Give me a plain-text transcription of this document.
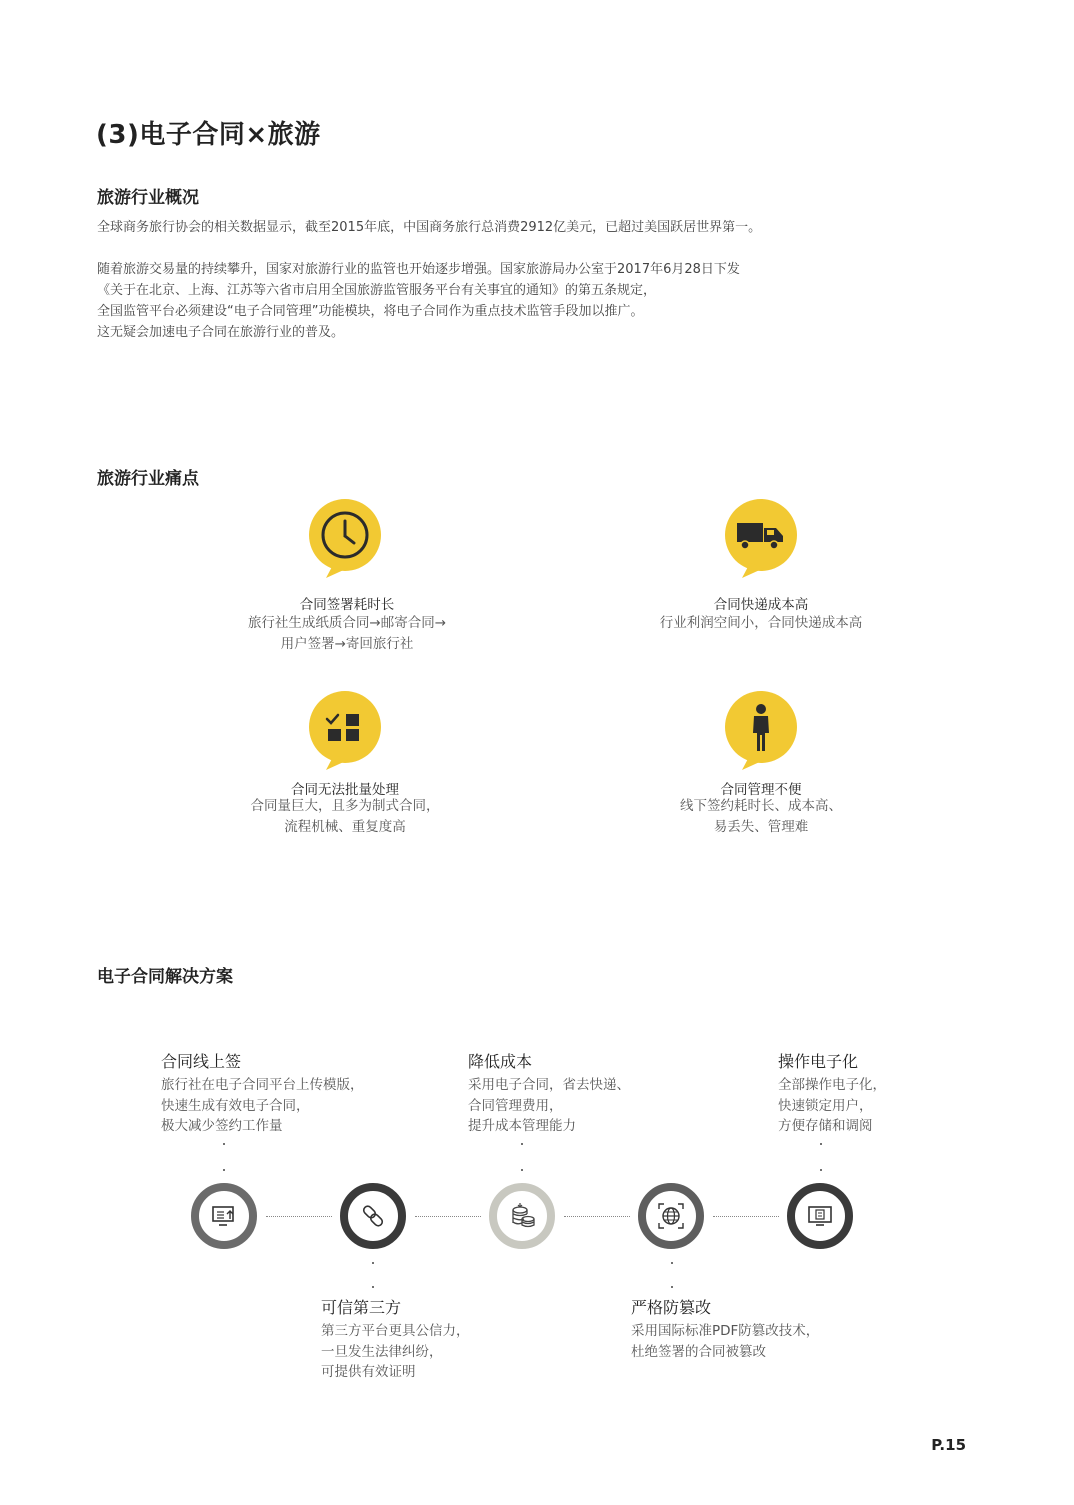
(3)电子合同×旅游
旅游行业概况
全球商务旅行协会的相关数据显示，截至2015年底，中国商务旅行总消费2912亿美元，已超过美国跃居世界第一。

随着旅游交易量的持续攀升，国家对旅游行业的监管也开始逐步增强。国家旅游局办公室于2017年6月28日下发

《关于在北京、上海、江苏等六省市启用全国旅游监管服务平台有关事宜的通知》的第五条规定，

全国监管平台必须建设“电子合同管理”功能模块，将电子合同作为重点技术监管手段加以推广。

这无疑会加速电子合同在旅游行业的普及。

旅游行业痛点
合同签署耗时长
旅行社生成纸质合同→邮寄合同→
用户签署→寄回旅行社
合同快递成本高
行业利润空间小，合同快递成本高
合同无法批量处理
合同量巨大，且多为制式合同，
流程机械、重复度高
合同管理不便
线下签约耗时长、成本高、
易丢失、管理难
电子合同解决方案
合同线上签
旅行社在电子合同平台上传模版，
快速生成有效电子合同，
极大减少签约工作量
降低成本
采用电子合同，省去快递、
合同管理费用，
提升成本管理能力
操作电子化
全部操作电子化，
快速锁定用户，
方便存储和调阅
可信第三方
第三方平台更具公信力，
一旦发生法律纠纷，
可提供有效证明
严格防篡改
采用国际标准PDF防篡改技术，
杜绝签署的合同被篡改
P.15
